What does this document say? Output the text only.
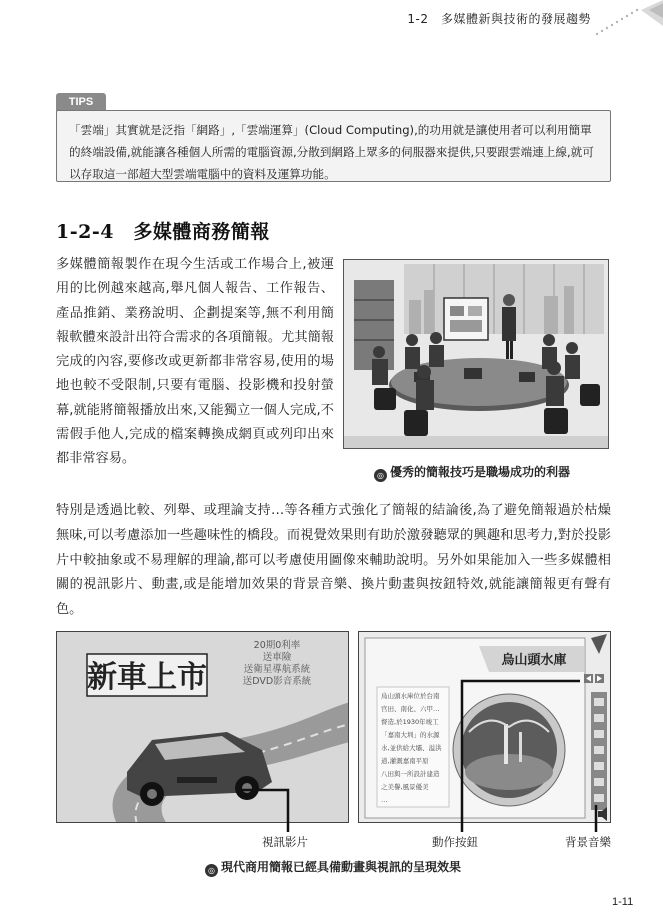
1-2　多媒體新與技術的發展趨勢
TIPS
「雲端」其實就是泛指「網路」,「雲端運算」(Cloud Computing),的功用就是讓使用者可以利用簡單的終端設備,就能讓各種個人所需的電腦資源,分散到網路上眾多的伺服器來提供,只要跟雲端連上線,就可以存取這一部超大型雲端電腦中的資料及運算功能。
1-2-4　多媒體商務簡報
多媒體簡報製作在現今生活或工作場合上,被運用的比例越來越高,舉凡個人報告、工作報告、產品推銷、業務說明、企劃提案等,無不利用簡報軟體來設計出符合需求的各項簡報。尤其簡報完成的內容,要修改或更新都非常容易,使用的場地也較不受限制,只要有電腦、投影機和投射螢幕,就能將簡報播放出來,又能獨立一個人完成,不需假手他人,完成的檔案轉換成網頁或列印出來都非常容易。
◎ 優秀的簡報技巧是職場成功的利器
特別是透過比較、列舉、或理論支持…等各種方式強化了簡報的結論後,為了避免簡報過於枯燥無味,可以考慮添加一些趣味性的橋段。而視覺效果則有助於激發聽眾的興趣和思考力,對於投影片中較抽象或不易理解的理論,都可以考慮使用圖像來輔助說明。另外如果能加入一些多媒體相關的視訊影片、動畫,或是能增加效果的背景音樂、換片動畫與按鈕特效,就能讓簡報更有聲有色。
新車上市
20期0利率
送車險
送衛星導航系統
送DVD影音系統
烏山頭水庫
烏山頭水庫位於台南
官田、南化、六甲…
督造,於1930年竣工
「嘉南大圳」的水源
水,並供給大壩、溢洪
道,灌溉嘉南平原
八田與一所設計建造
之美譽,風景優美
…
視訊影片	動作按鈕	背景音樂
◎ 現代商用簡報已經具備動畫與視訊的呈現效果
1-11
